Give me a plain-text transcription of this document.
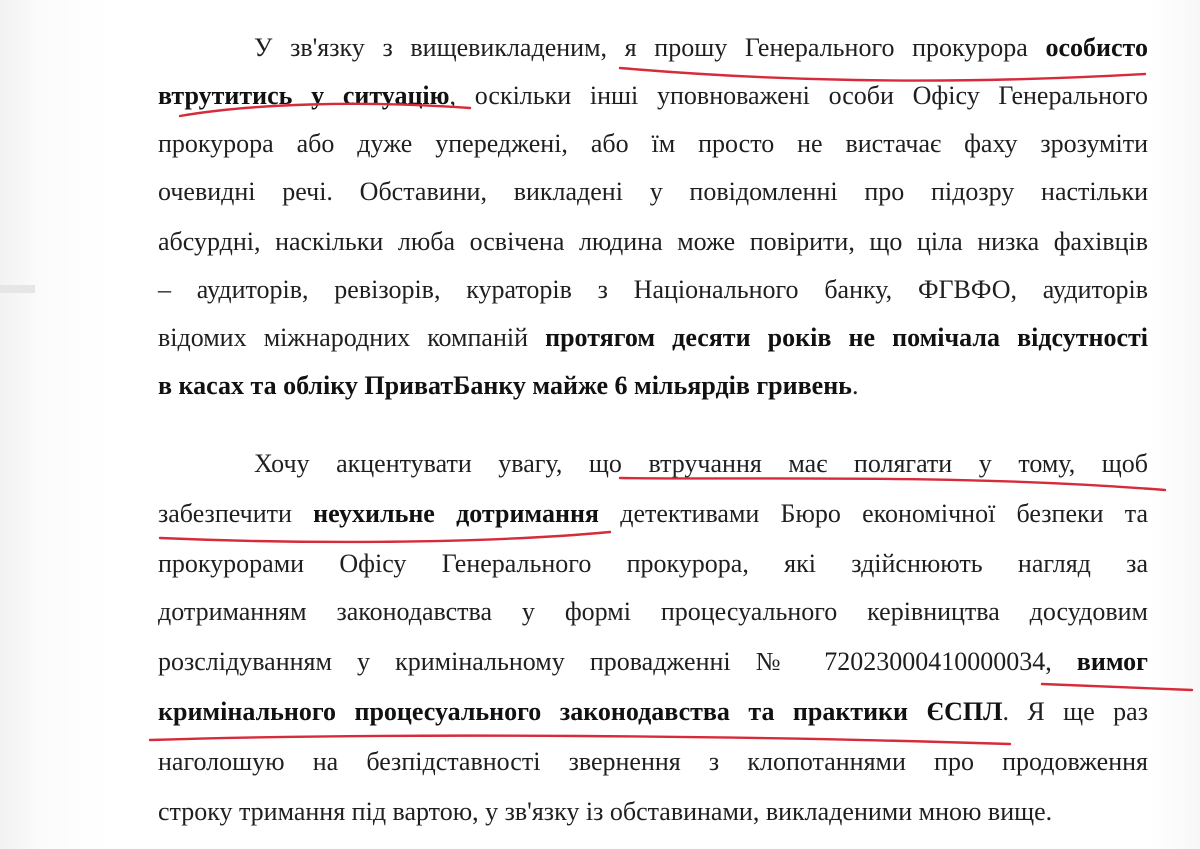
У зв'язку з вищевикладеним, я прошу Генерального прокурора особисто
втрутитись у ситуацію, оскільки інші уповноважені особи Офісу Генерального
прокурора або дуже упереджені, або їм просто не вистачає фаху зрозуміти
очевидні речі. Обставини, викладені у повідомленні про підозру настільки
абсурдні, наскільки люба освічена людина може повірити, що ціла низка фахівців
– аудиторів, ревізорів, кураторів з Національного банку, ФГВФО, аудиторів
відомих міжнародних компаній протягом десяти років не помічала відсутності
в касах та обліку ПриватБанку майже 6 мільярдів гривень.
Хочу акцентувати увагу, що втручання має полягати у тому, щоб
забезпечити неухильне дотримання детективами Бюро економічної безпеки та
прокурорами Офісу Генерального прокурора, які здійснюють нагляд за
дотриманням законодавства у формі процесуального керівництва досудовим
розслідуванням у кримінальному провадженні № 72023000410000034, вимог
кримінального процесуального законодавства та практики ЄСПЛ. Я ще раз
наголошую на безпідставності звернення з клопотаннями про продовження
строку тримання під вартою, у зв'язку із обставинами, викладеними мною вище.
